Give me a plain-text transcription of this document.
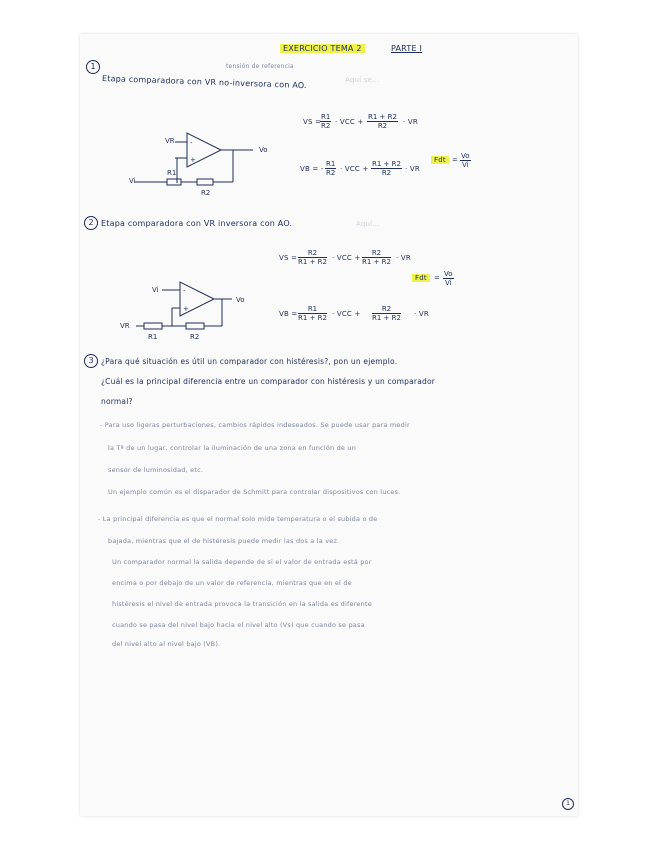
EXERCICIO TEMA 2	PARTE I
1	tensión de referencia
Etapa comparadora con VR no-inversora con AO.	Aquí se...
VR
Vo
Vi
R1
R2
-
+
VS =
$\frac{R1}{R2}$ · VCC + $\frac{R1 + R2}{R2}$ · VR
VB = - $\frac{R1}{R2}$ · VCC + $\frac{R1 + R2}{R2}$ · VR
Fdt = $\frac{Vo}{Vi}$
2 Etapa comparadora con VR inversora con AO.	Aquí...
Vi
Vo
VR
R1	R2
-
+
VS = $\frac{R2}{R1 + R2}$ · VCC + $\frac{R2}{R1 + R2}$ · VR
Fdt	= $\frac{Vo}{Vi}$
VB = $\frac{R1}{R1 + R2}$ · VCC + $\frac{R2}{R1 + R2}$ · VR
3 ¿Para qué situación es útil un comparador con histéresis?, pon un ejemplo.
¿Cuál es la principal diferencia entre un comparador con histéresis y un comparador
normal?
- Para uso ligeras perturbaciones, cambios rápidos indeseados. Se puede usar para medir
la Tª de un lugar, controlar la iluminación de una zona en función de un
sensor de luminosidad, etc.
Un ejemplo común es el disparador de Schmitt para controlar dispositivos con luces.
- La principal diferencia es que el normal solo mide temperatura o el subida o de
bajada, mientras que el de histéresis puede medir las dos a la vez.
Un comparador normal la salida depende de si el valor de entrada está por
encima o por debajo de un valor de referencia, mientras que en el de
histéresis el nivel de entrada provoca la transición en la salida es diferente
cuando se pasa del nivel bajo hacia el nivel alto (Vs) que cuando se pasa
del nivel alto al nivel bajo (VB).
1
